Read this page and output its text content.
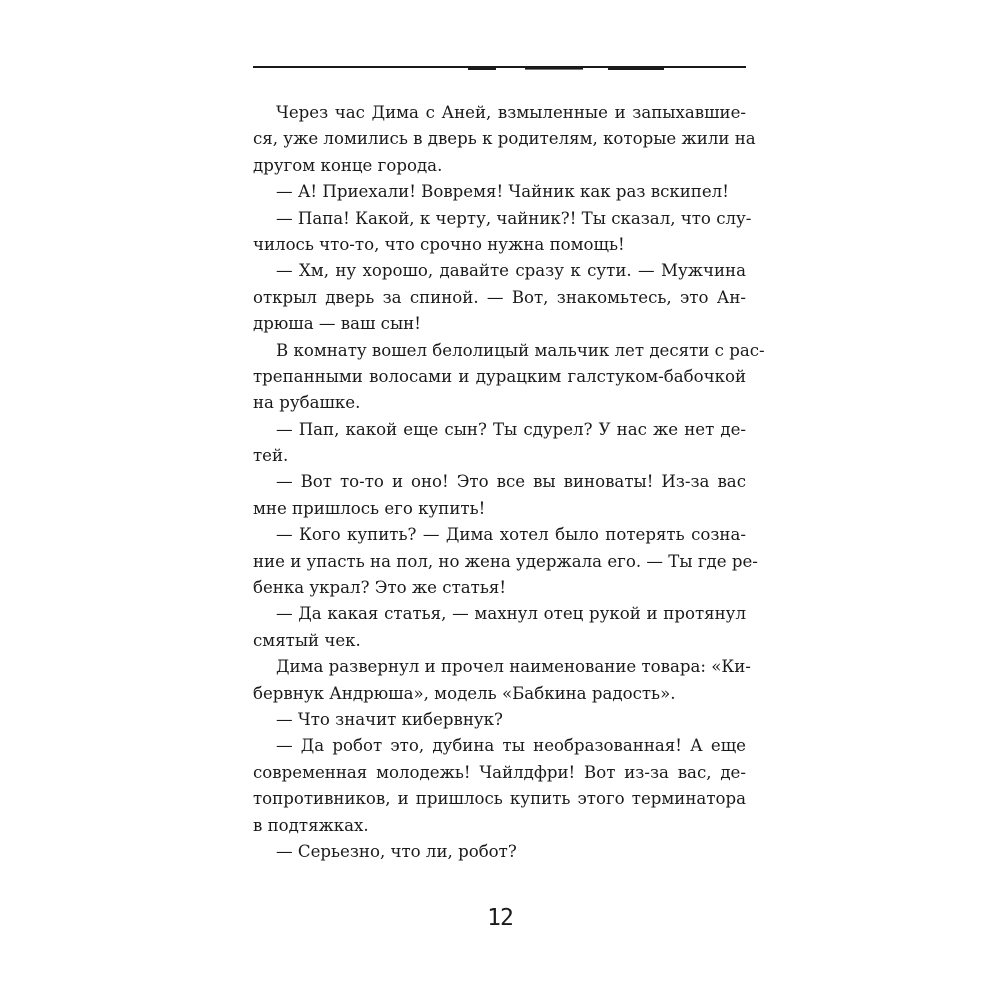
Через час Дима с Аней, взмыленные и запыхавшие-
ся, уже ломились в дверь к родителям, которые жили на
другом конце города.
— А! Приехали! Вовремя! Чайник как раз вскипел!
— Папа! Какой, к черту, чайник?! Ты сказал, что слу-
чилось что-то, что срочно нужна помощь!
— Хм, ну хорошо, давайте сразу к сути. — Мужчина
открыл дверь за спиной. — Вот, знакомьтесь, это Ан-
дрюша — ваш сын!
В комнату вошел белолицый мальчик лет десяти с рас-
трепанными волосами и дурацким галстуком-бабочкой
на рубашке.
— Пап, какой еще сын? Ты сдурел? У нас же нет де-
тей.
— Вот то-то и оно! Это все вы виноваты! Из-за вас
мне пришлось его купить!
— Кого купить? — Дима хотел было потерять созна-
ние и упасть на пол, но жена удержала его. — Ты где ре-
бенка украл? Это же статья!
— Да какая статья, — махнул отец рукой и протянул
смятый чек.
Дима развернул и прочел наименование товара: «Ки-
бервнук Андрюша», модель «Бабкина радость».
— Что значит кибервнук?
— Да робот это, дубина ты необразованная! А еще
современная молодежь! Чайлдфри! Вот из-за вас, де-
топротивников, и пришлось купить этого терминатора
в подтяжках.
— Серьезно, что ли, робот?
12
